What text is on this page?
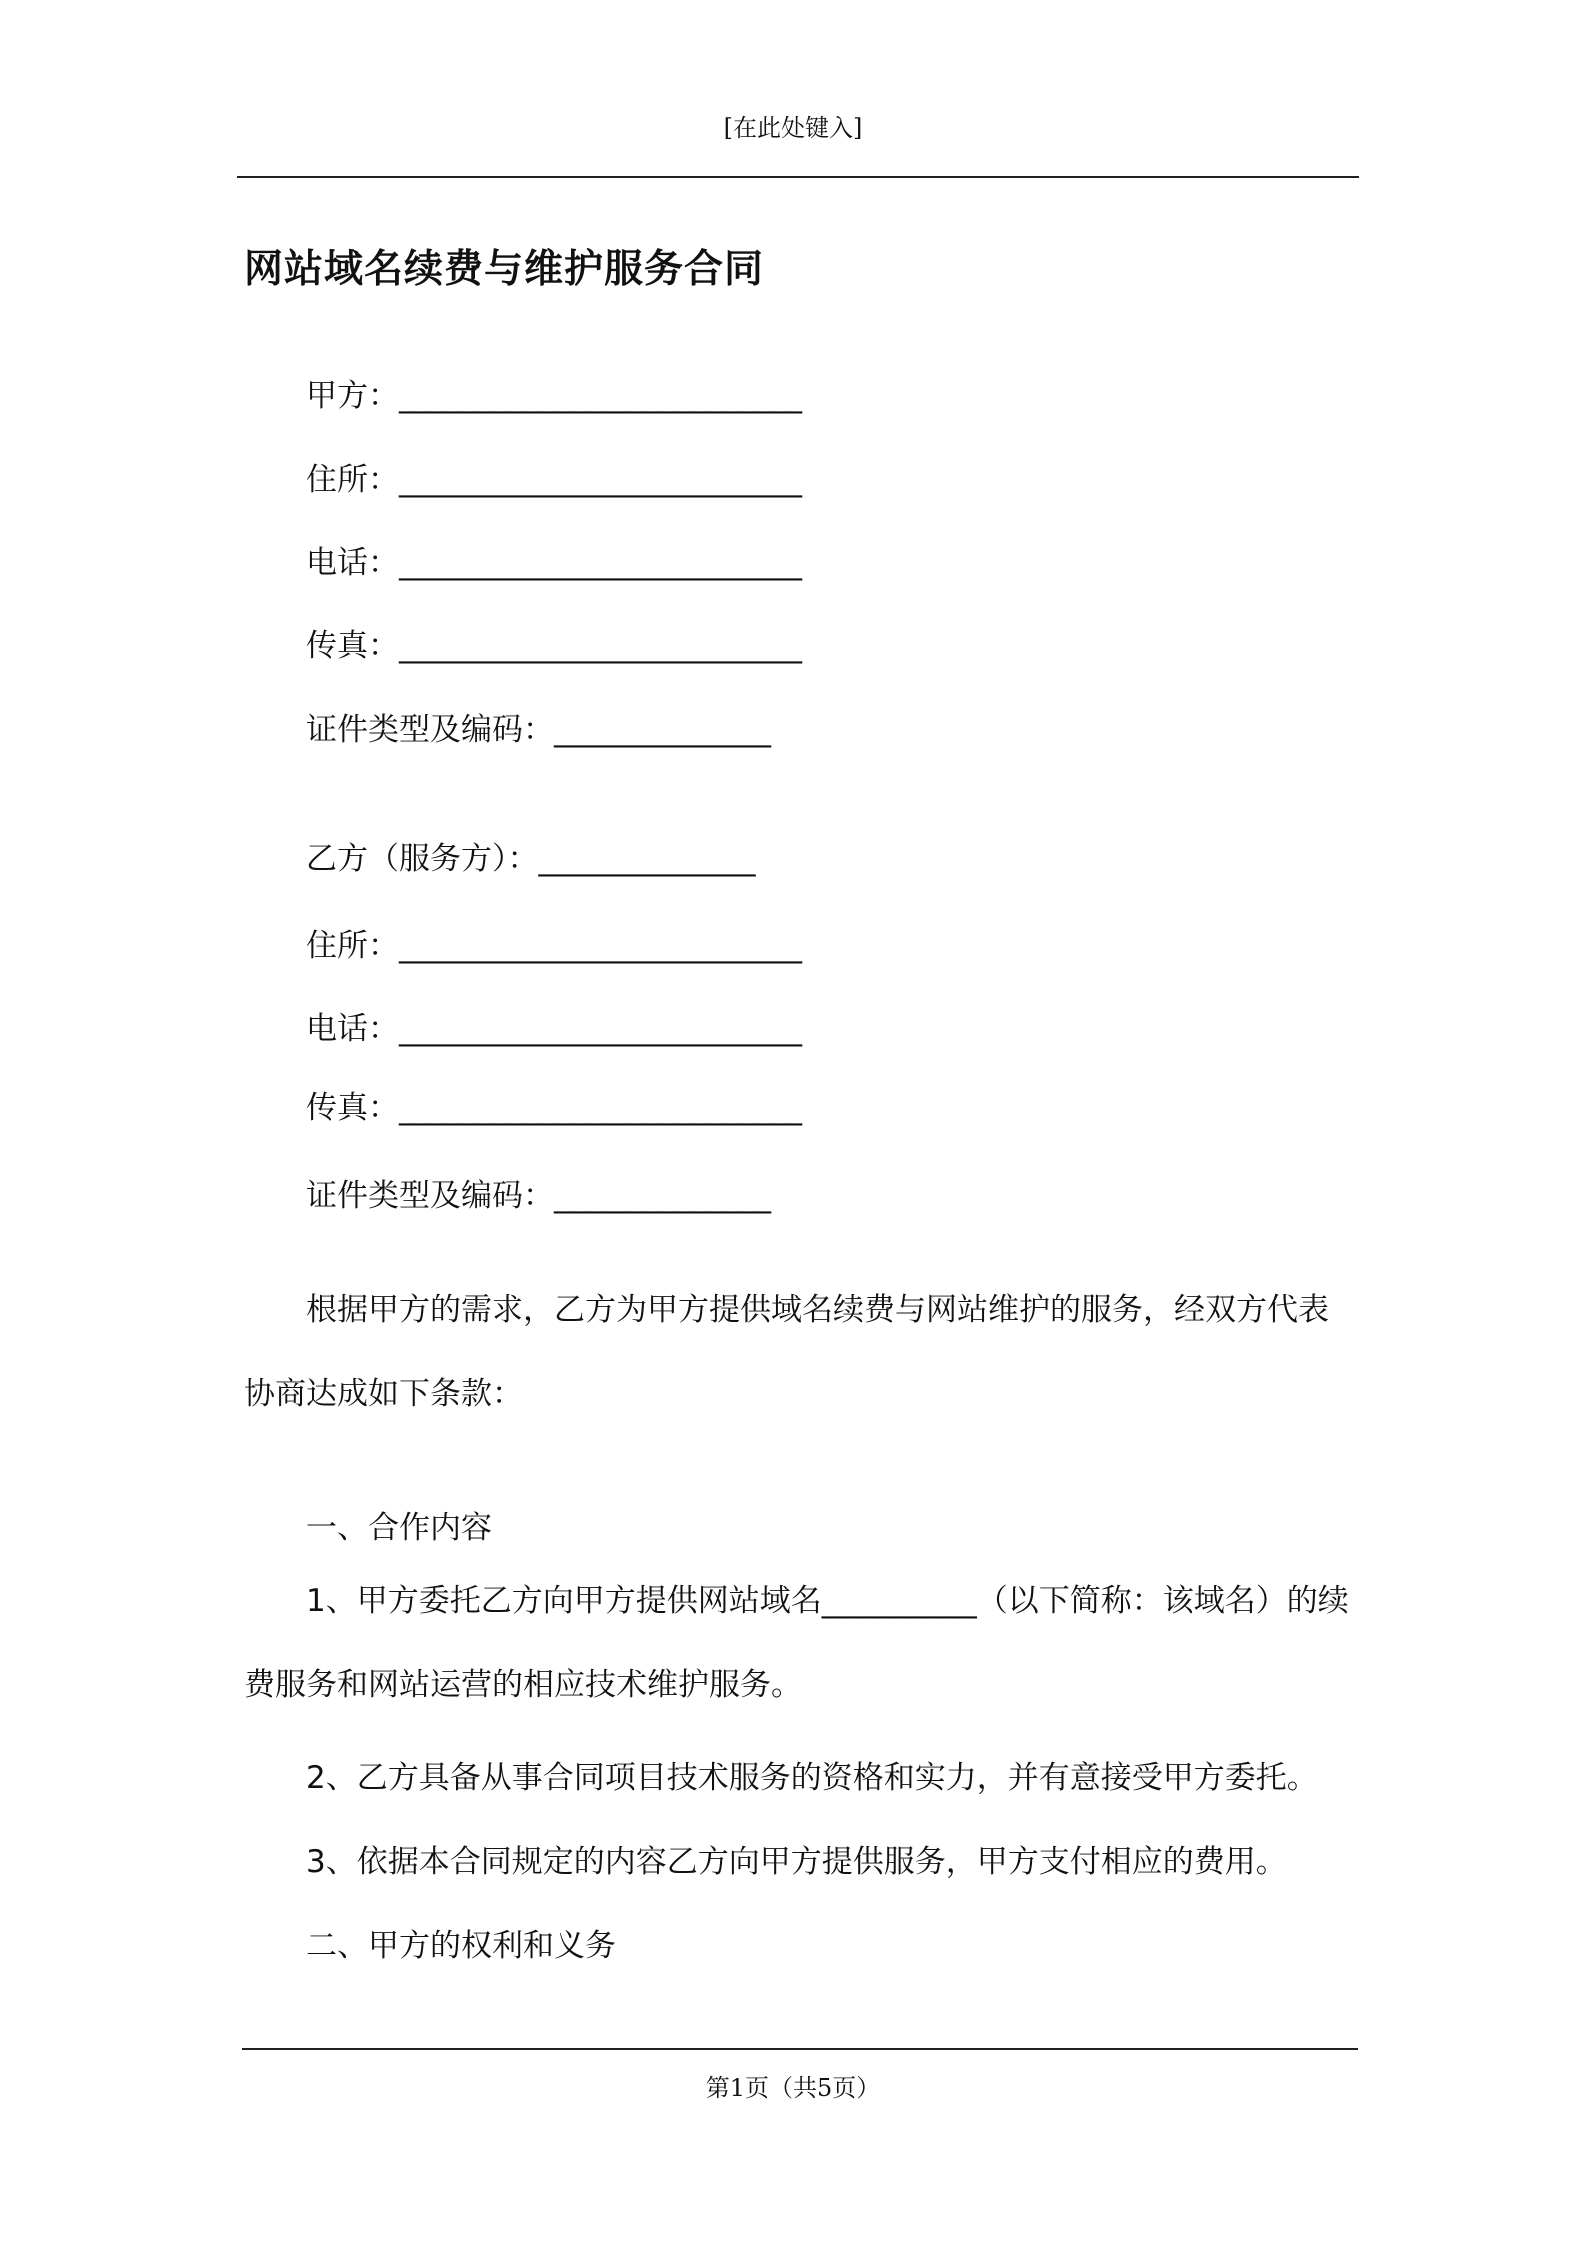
[在此处键入]
网站域名续费与维护服务合同
甲方：__________________________
住所：__________________________
电话：__________________________
传真：__________________________
证件类型及编码：______________
乙方（服务方）：______________
住所：__________________________
电话：__________________________
传真：__________________________
证件类型及编码：______________

根据甲方的需求，乙方为甲方提供域名续费与网站维护的服务，经双方代表协商达成如下条款：

一、合作内容

1、甲方委托乙方向甲方提供网站域名__________（以下简称：该域名）的续费服务和网站运营的相应技术维护服务。

2、乙方具备从事合同项目技术服务的资格和实力，并有意接受甲方委托。
3、依据本合同规定的内容乙方向甲方提供服务，甲方支付相应的费用。
二、甲方的权利和义务
第1页（共5页）
